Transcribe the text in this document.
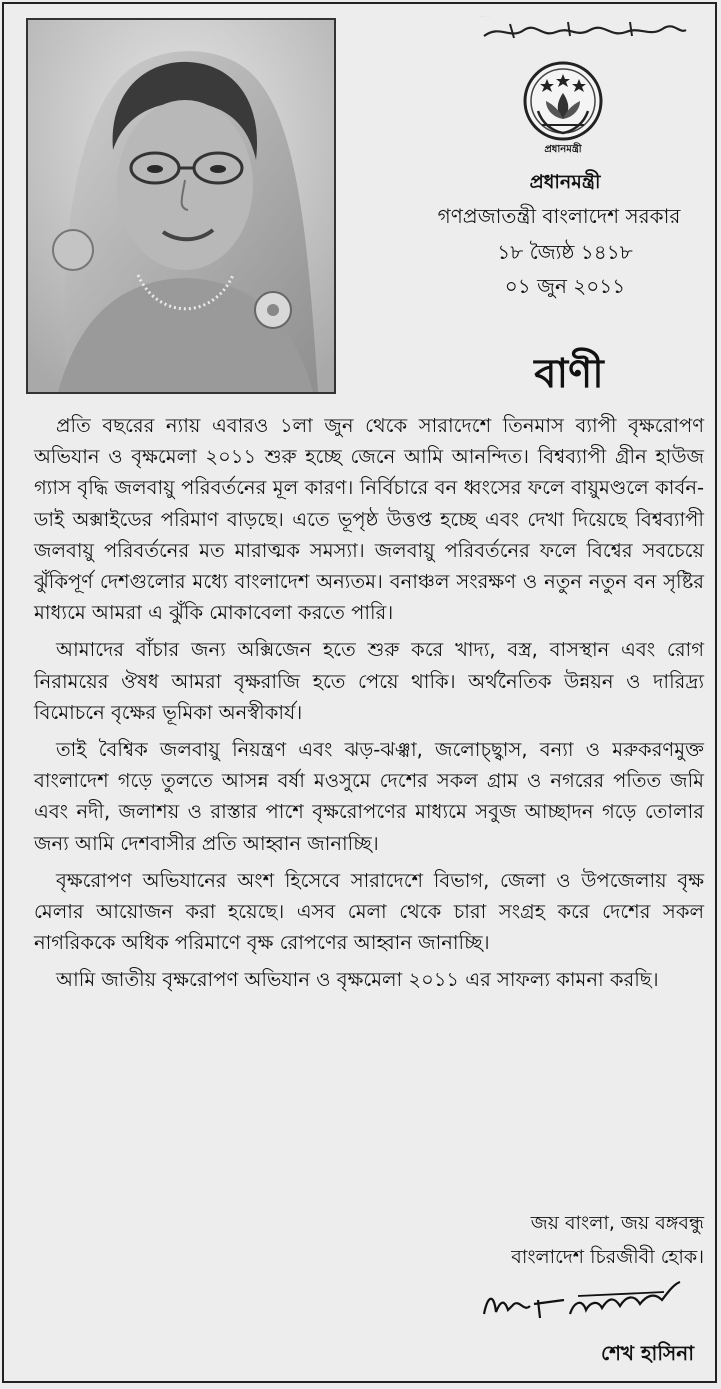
بِسْمِ اللهِ الرَّحْمٰنِ الرَّحِيْمِ
প্রধানমন্ত্রী
প্রধানমন্ত্রী
গণপ্রজাতন্ত্রী বাংলাদেশ সরকার
১৮ জ্যৈষ্ঠ ১৪১৮
০১ জুন ২০১১
বাণী

প্রতি বছরের ন্যায় এবারও ১লা জুন থেকে সারাদেশে তিনমাস ব্যাপী বৃক্ষরোপণ অভিযান ও বৃক্ষমেলা ২০১১ শুরু হচ্ছে জেনে আমি আনন্দিত। বিশ্বব্যাপী গ্রীন হাউজ গ্যাস বৃদ্ধি জলবায়ু পরিবর্তনের মূল কারণ। নির্বিচারে বন ধ্বংসের ফলে বায়ুমণ্ডলে কার্বন-ডাই অক্সাইডের পরিমাণ বাড়ছে। এতে ভূপৃষ্ঠ উত্তপ্ত হচ্ছে এবং দেখা দিয়েছে বিশ্বব্যাপী জলবায়ু পরিবর্তনের মত মারাত্মক সমস্যা। জলবায়ু পরিবর্তনের ফলে বিশ্বের সবচেয়ে ঝুঁকিপূর্ণ দেশগুলোর মধ্যে বাংলাদেশ অন্যতম। বনাঞ্চল সংরক্ষণ ও নতুন নতুন বন সৃষ্টির মাধ্যমে আমরা এ ঝুঁকি মোকাবেলা করতে পারি।

আমাদের বাঁচার জন্য অক্সিজেন হতে শুরু করে খাদ্য, বস্ত্র, বাসস্থান এবং রোগ নিরাময়ের ঔষধ আমরা বৃক্ষরাজি হতে পেয়ে থাকি। অর্থনৈতিক উন্নয়ন ও দারিদ্র্য বিমোচনে বৃক্ষের ভূমিকা অনস্বীকার্য।

তাই বৈশ্বিক জলবায়ু নিয়ন্ত্রণ এবং ঝড়-ঝঞ্ঝা, জলোচ্ছ্বাস, বন্যা ও মরুকরণমুক্ত বাংলাদেশ গড়ে তুলতে আসন্ন বর্ষা মওসুমে দেশের সকল গ্রাম ও নগরের পতিত জমি এবং নদী, জলাশয় ও রাস্তার পাশে বৃক্ষরোপণের মাধ্যমে সবুজ আচ্ছাদন গড়ে তোলার জন্য আমি দেশবাসীর প্রতি আহ্বান জানাচ্ছি।

বৃক্ষরোপণ অভিযানের অংশ হিসেবে সারাদেশে বিভাগ, জেলা ও উপজেলায় বৃক্ষ মেলার আয়োজন করা হয়েছে। এসব মেলা থেকে চারা সংগ্রহ করে দেশের সকল নাগরিককে অধিক পরিমাণে বৃক্ষ রোপণের আহ্বান জানাচ্ছি।

আমি জাতীয় বৃক্ষরোপণ অভিযান ও বৃক্ষমেলা ২০১১ এর সাফল্য কামনা করছি।

জয় বাংলা, জয় বঙ্গবন্ধু
বাংলাদেশ চিরজীবী হোক।
শেখ হাসিনা
শেখ হাসিনা
